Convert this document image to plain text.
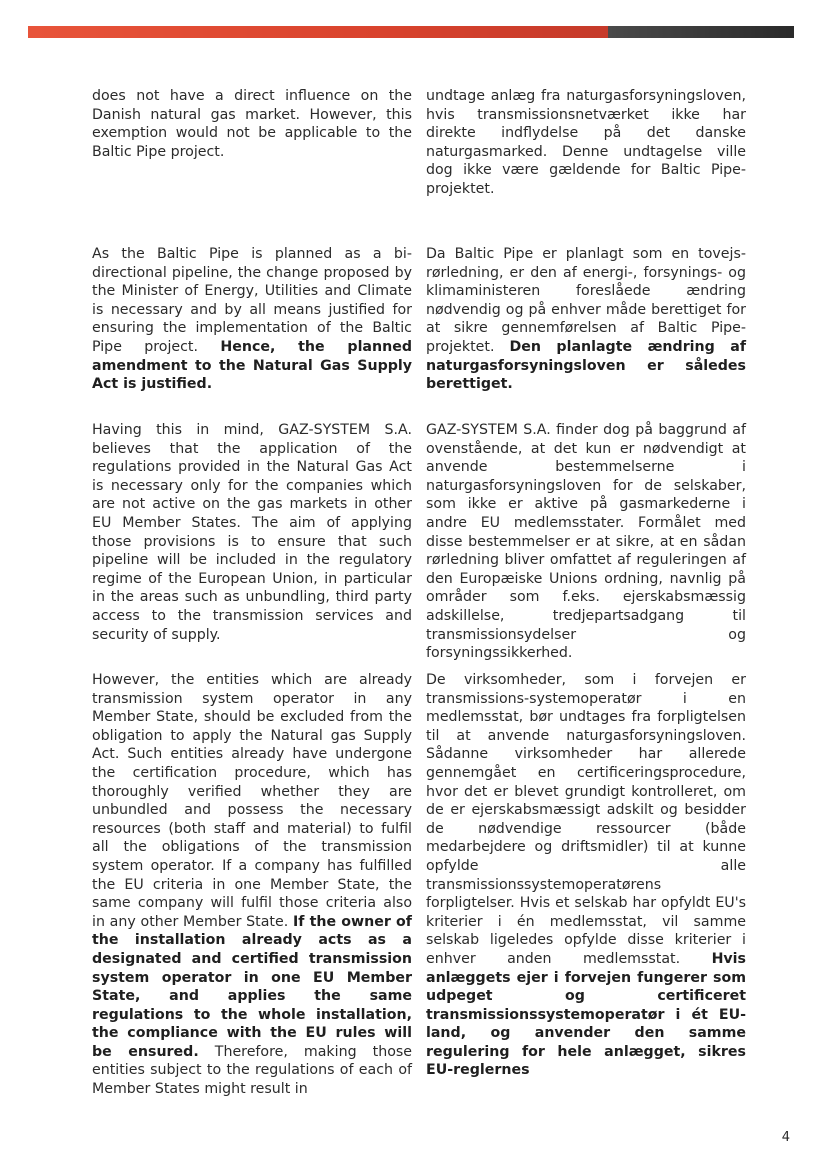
does not have a direct influence on the Danish natural gas market. However, this exemption would not be applicable to the Baltic Pipe project.

undtage anlæg fra naturgasforsyningsloven, hvis transmissionsnetværket ikke har direkte indflydelse på det danske naturgasmarked. Denne undtagelse ville dog ikke være gældende for Baltic Pipe-projektet.

As the Baltic Pipe is planned as a bi-directional pipeline, the change proposed by the Minister of Energy, Utilities and Climate is necessary and by all means justified for ensuring the implementation of the Baltic Pipe project. Hence, the planned amendment to the Natural Gas Supply Act is justified.

Da Baltic Pipe er planlagt som en tovejs-rørledning, er den af energi-, forsynings- og klimaministeren foreslåede ændring nødvendig og på enhver måde berettiget for at sikre gennemførelsen af Baltic Pipe-projektet. Den planlagte ændring af naturgasforsyningsloven er således berettiget.

Having this in mind, GAZ-SYSTEM S.A. believes that the application of the regulations provided in the Natural Gas Act is necessary only for the companies which are not active on the gas markets in other EU Member States. The aim of applying those provisions is to ensure that such pipeline will be included in the regulatory regime of the European Union, in particular in the areas such as unbundling, third party access to the transmission services and security of supply.

GAZ-SYSTEM S.A. finder dog på baggrund af ovenstående, at det kun er nødvendigt at anvende bestemmelserne i naturgasforsyningsloven for de selskaber, som ikke er aktive på gasmarkederne i andre EU medlemsstater. Formålet med disse bestemmelser er at sikre, at en sådan rørledning bliver omfattet af reguleringen af den Europæiske Unions ordning, navnlig på områder som f.eks. ejerskabsmæssig adskillelse, tredjepartsadgang til transmissionsydelser og forsyningssikkerhed.

However, the entities which are already transmission system operator in any Member State, should be excluded from the obligation to apply the Natural gas Supply Act. Such entities already have undergone the certification procedure, which has thoroughly verified whether they are unbundled and possess the necessary resources (both staff and material) to fulfil all the obligations of the transmission system operator. If a company has fulfilled the EU criteria in one Member State, the same company will fulfil those criteria also in any other Member State. If the owner of the installation already acts as a designated and certified transmission system operator in one EU Member State, and applies the same regulations to the whole installation, the compliance with the EU rules will be ensured. Therefore, making those entities subject to the regulations of each of Member States might result in

De virksomheder, som i forvejen er transmissions-systemoperatør i en medlemsstat, bør undtages fra forpligtelsen til at anvende naturgasforsyningsloven. Sådanne virksomheder har allerede gennemgået en certificeringsprocedure, hvor det er blevet grundigt kontrolleret, om de er ejerskabsmæssigt adskilt og besidder de nødvendige ressourcer (både medarbejdere og driftsmidler) til at kunne opfylde alle transmissionssystemoperatørens forpligtelser. Hvis et selskab har opfyldt EU's kriterier i én medlemsstat, vil samme selskab ligeledes opfylde disse kriterier i enhver anden medlemsstat. Hvis anlæggets ejer i forvejen fungerer som udpeget og certificeret transmissionssystemoperatør i ét EU-land, og anvender den samme regulering for hele anlægget, sikres EU-reglernes

4
